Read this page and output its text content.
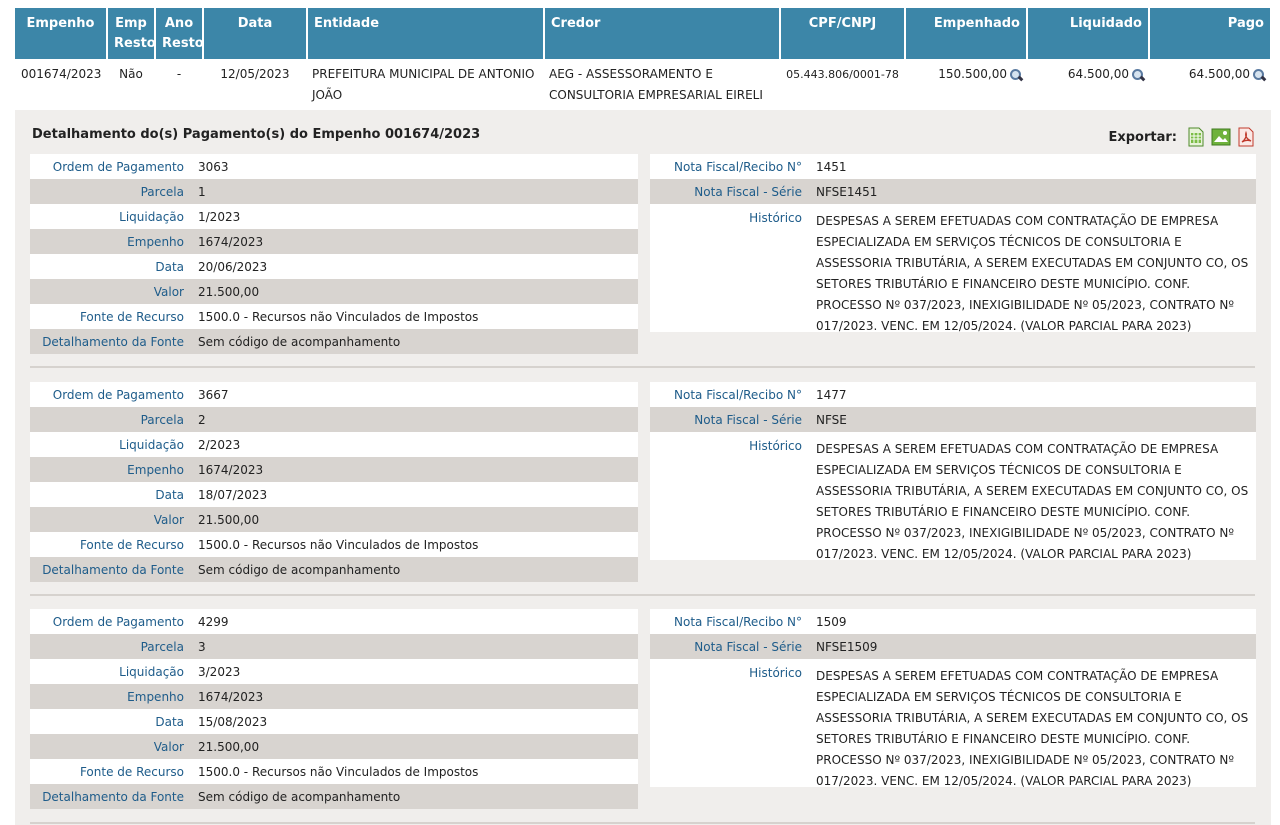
Empenho	Emp Resto	Ano Resto	Data	Entidade	Credor	CPF/CNPJ	Empenhado	Liquidado	Pago
001674/2023	Não	-	12/05/2023	PREFEITURA MUNICIPAL DE ANTONIO JOÃO	AEG - ASSESSORAMENTO E CONSULTORIA EMPRESARIAL EIRELI	05.443.806/0001-78	150.500,00	64.500,00	64.500,00
Detalhamento do(s) Pagamento(s) do Empenho 001674/2023	Exportar:
Ordem de Pagamento	3063
Parcela	1
Liquidação	1/2023
Empenho	1674/2023
Data	20/06/2023
Valor	21.500,00
Fonte de Recurso	1500.0 - Recursos não Vinculados de Impostos
Detalhamento da Fonte	Sem código de acompanhamento
Nota Fiscal/Recibo N°	1451
Nota Fiscal - Série	NFSE1451
Histórico	DESPESAS A SEREM EFETUADAS COM CONTRATAÇÃO DE EMPRESA ESPECIALIZADA EM SERVIÇOS TÉCNICOS DE CONSULTORIA E ASSESSORIA TRIBUTÁRIA, A SEREM EXECUTADAS EM CONJUNTO CO, OS SETORES TRIBUTÁRIO E FINANCEIRO DESTE MUNICÍPIO. CONF. PROCESSO Nº 037/2023, INEXIGIBILIDADE Nº 05/2023, CONTRATO Nº 017/2023. VENC. EM 12/05/2024. (VALOR PARCIAL PARA 2023)
Ordem de Pagamento	3667
Parcela	2
Liquidação	2/2023
Empenho	1674/2023
Data	18/07/2023
Valor	21.500,00
Fonte de Recurso	1500.0 - Recursos não Vinculados de Impostos
Detalhamento da Fonte	Sem código de acompanhamento
Nota Fiscal/Recibo N°	1477
Nota Fiscal - Série	NFSE
Histórico	DESPESAS A SEREM EFETUADAS COM CONTRATAÇÃO DE EMPRESA ESPECIALIZADA EM SERVIÇOS TÉCNICOS DE CONSULTORIA E ASSESSORIA TRIBUTÁRIA, A SEREM EXECUTADAS EM CONJUNTO CO, OS SETORES TRIBUTÁRIO E FINANCEIRO DESTE MUNICÍPIO. CONF. PROCESSO Nº 037/2023, INEXIGIBILIDADE Nº 05/2023, CONTRATO Nº 017/2023. VENC. EM 12/05/2024. (VALOR PARCIAL PARA 2023)
Ordem de Pagamento	4299
Parcela	3
Liquidação	3/2023
Empenho	1674/2023
Data	15/08/2023
Valor	21.500,00
Fonte de Recurso	1500.0 - Recursos não Vinculados de Impostos
Detalhamento da Fonte	Sem código de acompanhamento
Nota Fiscal/Recibo N°	1509
Nota Fiscal - Série	NFSE1509
Histórico	DESPESAS A SEREM EFETUADAS COM CONTRATAÇÃO DE EMPRESA ESPECIALIZADA EM SERVIÇOS TÉCNICOS DE CONSULTORIA E ASSESSORIA TRIBUTÁRIA, A SEREM EXECUTADAS EM CONJUNTO CO, OS SETORES TRIBUTÁRIO E FINANCEIRO DESTE MUNICÍPIO. CONF. PROCESSO Nº 037/2023, INEXIGIBILIDADE Nº 05/2023, CONTRATO Nº 017/2023. VENC. EM 12/05/2024. (VALOR PARCIAL PARA 2023)
